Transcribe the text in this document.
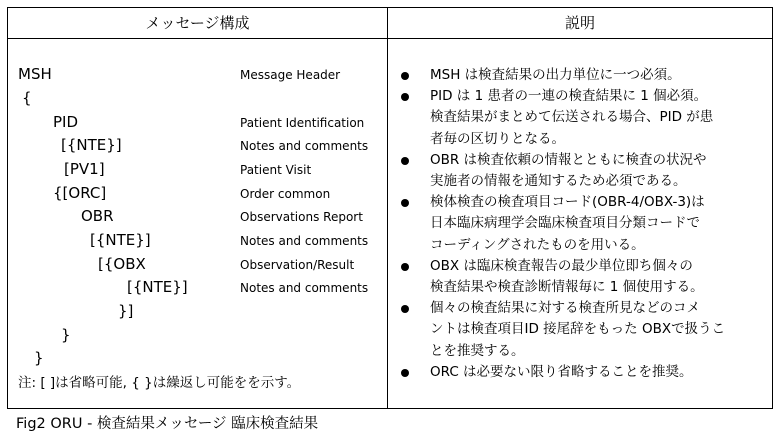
メッセージ構成	説明
MSH	Message Header
{
PID	Patient Identification
[{NTE}]	Notes and comments
[PV1]	Patient Visit
{[ORC]	Order common
OBR	Observations Report
[{NTE}]	Notes and comments
[{OBX	Observation/Result
[{NTE}]	Notes and comments
}]
}
}
注: [ ]は省略可能, { }は繰返し可能をを示す。
MSH は検査結果の出力単位に一つ必須。
PID は 1 患者の一連の検査結果に 1 個必須。
検査結果がまとめて伝送される場合、PID が患
者毎の区切りとなる。
OBR は検査依頼の情報とともに検査の状況や
実施者の情報を通知するため必須である。
検体検査の検査項目コード(OBR-4/OBX-3)は
日本臨床病理学会臨床検査項目分類コードで
コーディングされたものを用いる。
OBX は臨床検査報告の最少単位即ち個々の
検査結果や検査診断情報毎に 1 個使用する。
個々の検査結果に対する検査所見などのコメ
ントは検査項目ID 接尾辞をもった OBXで扱うこ
とを推奨する。
ORC は必要ない限り省略することを推奨。
Fig2 ORU - 検査結果メッセージ 臨床検査結果
